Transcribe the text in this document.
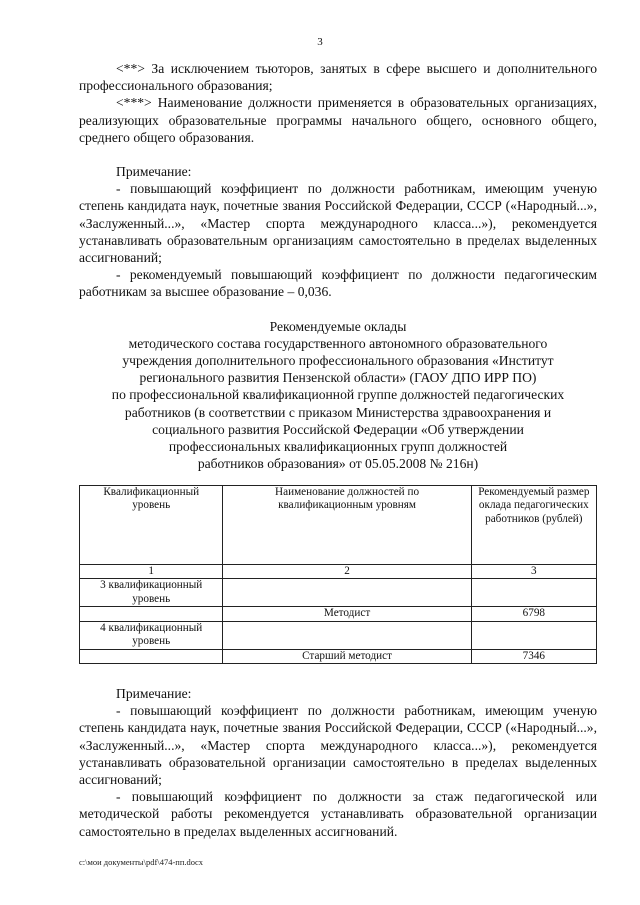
3

<**> За исключением тьюторов, занятых в сфере высшего и дополнительного профессионального образования;

<***> Наименование должности применяется в образовательных организациях, реализующих образовательные программы начального общего, основного общего, среднего общего образования.

Примечание:

- повышающий коэффициент по должности работникам, имеющим ученую степень кандидата наук, почетные звания Российской Федерации, СССР («Народный...», «Заслуженный...», «Мастер спорта международного класса...»), рекомендуется устанавливать образовательным организациям самостоятельно в пределах выделенных ассигнований;

- рекомендуемый повышающий коэффициент по должности педагогическим работникам за высшее образование – 0,036.

Рекомендуемые оклады

методического состава государственного автономного образовательного

учреждения дополнительного профессионального образования «Институт

регионального развития Пензенской области» (ГАОУ ДПО ИРР ПО)

по профессиональной квалификационной группе должностей педагогических

работников (в соответствии с приказом Министерства здравоохранения и

социального развития Российской Федерации «Об утверждении

профессиональных квалификационных групп должностей

работников образования» от 05.05.2008 № 216н)

Квалификационный уровень	Наименование должностей по квалификационным уровням	Рекомендуемый размер оклада педагогических работников (рублей)
1	2	3
3 квалификационный уровень		
	Методист	6798
4 квалификационный уровень		
	Старший методист	7346

Примечание:

- повышающий коэффициент по должности работникам, имеющим ученую степень кандидата наук, почетные звания Российской Федерации, СССР («Народный...», «Заслуженный...», «Мастер спорта международного класса...»), рекомендуется устанавливать образовательной организации самостоятельно в пределах выделенных ассигнований;

- повышающий коэффициент по должности за стаж педагогической или методической работы рекомендуется устанавливать образовательной организации самостоятельно в пределах выделенных ассигнований.

c:\мои документы\pdf\474-пп.docx
